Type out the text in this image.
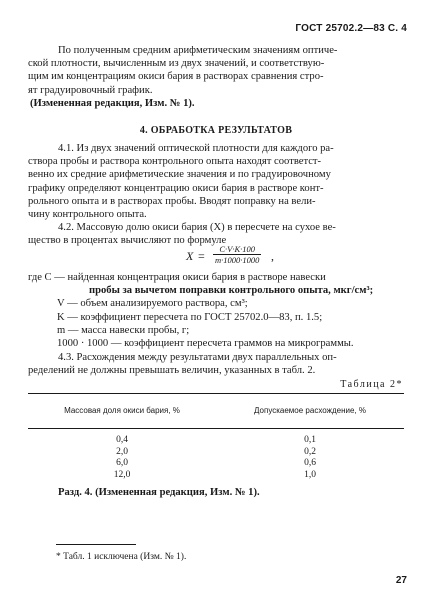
ГОСТ 25702.2—83 С. 4

По полученным средним арифметическим значениям оптиче-

ской плотности, вычисленным из двух значений, и соответствую-

щим им концентрациям окиси бария в растворах сравнения стро-

ят градуировочный график.

(Измененная редакция, Изм. № 1).

4. ОБРАБОТКА РЕЗУЛЬТАТОВ

4.1. Из двух значений оптической плотности для каждого ра-

створа пробы и раствора контрольного опыта находят соответст-

венно их средние арифметические значения и по градуировочному

графику определяют концентрацию окиси бария в растворе конт-

рольного опыта и в растворах пробы. Вводят поправку на вели-

чину контрольного опыта.

4.2. Массовую долю окиси бария (X) в пересчете на сухое ве-

щество в процентах вычисляют по формуле

$X = \frac{C\cdot V\cdot K\cdot 100}{m\cdot 1000\cdot 1000}$ ,
где C — найденная концентрация окиси бария в растворе навески
пробы за вычетом поправки контрольного опыта, мкг/см³;
V — объем анализируемого раствора, см³;
K — коэффициент пересчета по ГОСТ 25702.0—83, п. 1.5;
m — масса навески пробы, г;
1000 · 1000 — коэффициент пересчета граммов на микрограммы.

4.3. Расхождения между результатами двух параллельных оп-

ределений не должны превышать величин, указанных в табл. 2.

Таблица 2*
Массовая доля окиси бария, %	Допускаемое расхождение, %
0,4
2,0
6,0
12,0
0,1
0,2
0,6
1,0
Разд. 4. (Измененная редакция, Изм. № 1).
* Табл. 1 исключена (Изм. № 1).
27
